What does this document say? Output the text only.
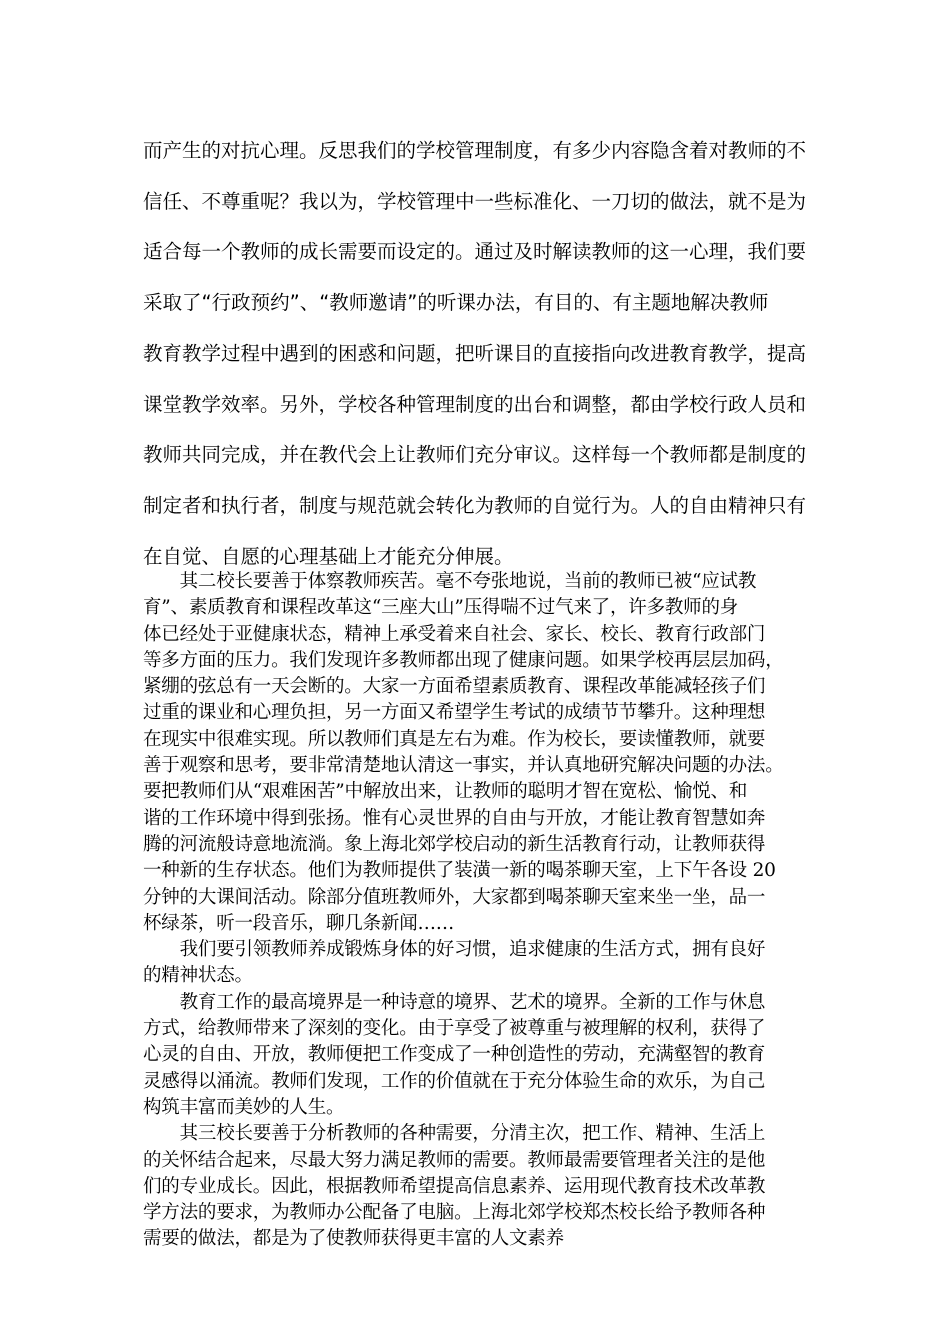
而产生的对抗心理。反思我们的学校管理制度，有多少内容隐含着对教师的不
信任、不尊重呢？我以为，学校管理中一些标准化、一刀切的做法，就不是为
适合每一个教师的成长需要而设定的。通过及时解读教师的这一心理，我们要
采取了“行政预约”、“教师邀请”的听课办法，有目的、有主题地解决教师
教育教学过程中遇到的困惑和问题，把听课目的直接指向改进教育教学，提高
课堂教学效率。另外，学校各种管理制度的出台和调整，都由学校行政人员和
教师共同完成，并在教代会上让教师们充分审议。这样每一个教师都是制度的
制定者和执行者，制度与规范就会转化为教师的自觉行为。人的自由精神只有
在自觉、自愿的心理基础上才能充分伸展。
　　其二校长要善于体察教师疾苦。毫不夸张地说，当前的教师已被“应试教
育”、素质教育和课程改革这“三座大山”压得喘不过气来了，许多教师的身
体已经处于亚健康状态，精神上承受着来自社会、家长、校长、教育行政部门
等多方面的压力。我们发现许多教师都出现了健康问题。如果学校再层层加码，
紧绷的弦总有一天会断的。大家一方面希望素质教育、课程改革能减轻孩子们
过重的课业和心理负担，另一方面又希望学生考试的成绩节节攀升。这种理想
在现实中很难实现。所以教师们真是左右为难。作为校长，要读懂教师，就要
善于观察和思考，要非常清楚地认清这一事实，并认真地研究解决问题的办法。
要把教师们从“艰难困苦”中解放出来，让教师的聪明才智在宽松、愉悦、和
谐的工作环境中得到张扬。惟有心灵世界的自由与开放，才能让教育智慧如奔
腾的河流般诗意地流淌。象上海北郊学校启动的新生活教育行动，让教师获得
一种新的生存状态。他们为教师提供了装潢一新的喝茶聊天室，上下午各设 20
分钟的大课间活动。除部分值班教师外，大家都到喝茶聊天室来坐一坐，品一
杯绿茶，听一段音乐，聊几条新闻……
　　我们要引领教师养成锻炼身体的好习惯，追求健康的生活方式，拥有良好
的精神状态。
　　教育工作的最高境界是一种诗意的境界、艺术的境界。全新的工作与休息
方式，给教师带来了深刻的变化。由于享受了被尊重与被理解的权利，获得了
心灵的自由、开放，教师便把工作变成了一种创造性的劳动，充满壑智的教育
灵感得以涌流。教师们发现，工作的价值就在于充分体验生命的欢乐，为自己
构筑丰富而美妙的人生。
　　其三校长要善于分析教师的各种需要，分清主次，把工作、精神、生活上
的关怀结合起来，尽最大努力满足教师的需要。教师最需要管理者关注的是他
们的专业成长。因此，根据教师希望提高信息素养、运用现代教育技术改革教
学方法的要求，为教师办公配备了电脑。上海北郊学校郑杰校长给予教师各种
需要的做法，都是为了使教师获得更丰富的人文素养
